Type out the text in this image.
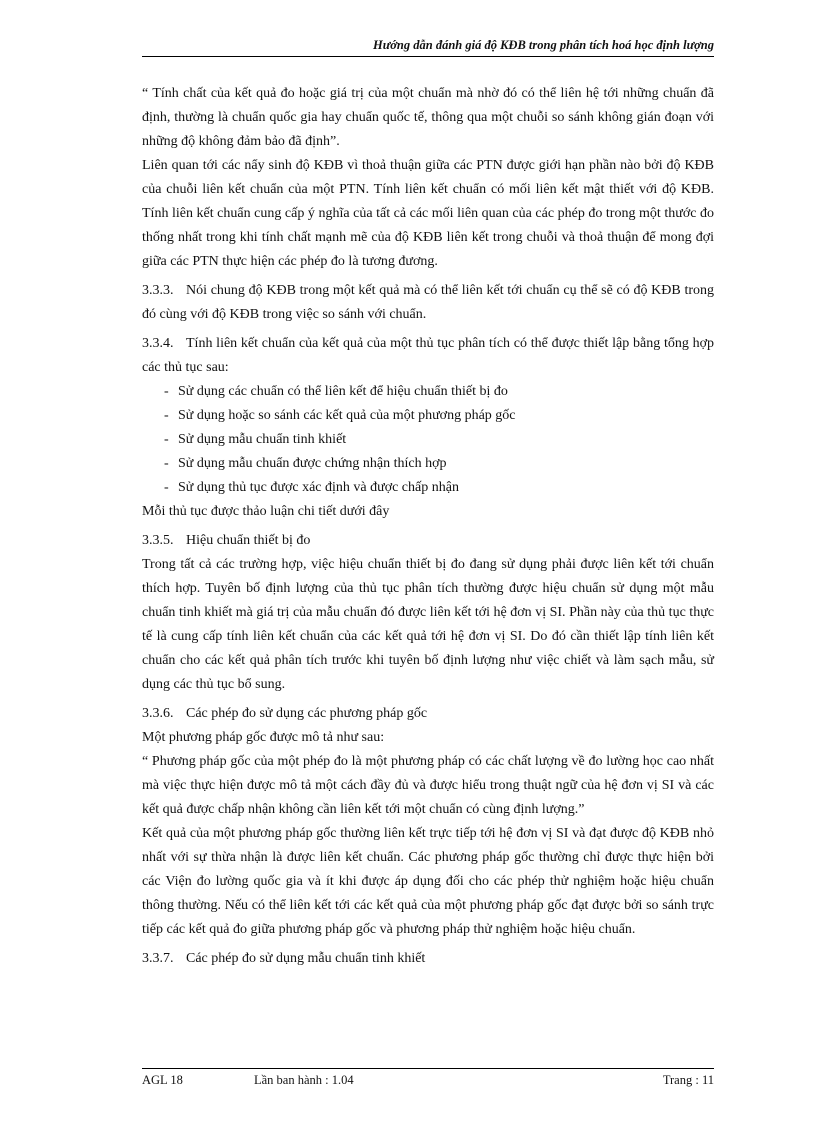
Hướng dẫn đánh giá độ KĐB trong phân tích hoá học định lượng

“ Tính chất của kết quả đo hoặc giá trị của một chuẩn mà nhờ đó có thể liên hệ tới những chuẩn đã định, thường là chuẩn quốc gia hay chuẩn quốc tế, thông qua một chuỗi so sánh không gián đoạn với những độ không đảm bảo đã định”.

Liên quan tới các nẩy sinh độ KĐB vì thoả thuận giữa các PTN được giới hạn phần nào bởi độ KĐB của chuỗi liên kết chuẩn của một PTN. Tính liên kết chuẩn có mối liên kết mật thiết với độ KĐB. Tính liên kết chuẩn cung cấp ý nghĩa của tất cả các mối liên quan của các phép đo trong một thước đo thống nhất trong khi tính chất mạnh mẽ của độ KĐB liên kết trong chuỗi và thoả thuận để mong đợi giữa các PTN thực hiện các phép đo là tương đương.

3.3.3. Nói chung độ KĐB trong một kết quả mà có thể liên kết tới chuẩn cụ thể sẽ có độ KĐB trong đó cùng với độ KĐB trong việc so sánh với chuẩn.

3.3.4. Tính liên kết chuẩn của kết quả của một thủ tục phân tích có thể được thiết lập bằng tổng hợp các thủ tục sau:

- Sử dụng các chuẩn có thể liên kết để hiệu chuẩn thiết bị đo
- Sử dụng hoặc so sánh các kết quả của một phương pháp gốc
- Sử dụng mẫu chuẩn tinh khiết
- Sử dụng mẫu chuẩn được chứng nhận thích hợp
- Sử dụng thủ tục được xác định và được chấp nhận

Mỗi thủ tục được thảo luận chi tiết dưới đây

3.3.5. Hiệu chuẩn thiết bị đo

Trong tất cả các trường hợp, việc hiệu chuẩn thiết bị đo đang sử dụng phải được liên kết tới chuẩn thích hợp. Tuyên bố định lượng của thủ tục phân tích thường được hiệu chuẩn sử dụng một mẫu chuẩn tinh khiết mà giá trị của mẫu chuẩn đó được liên kết tới hệ đơn vị SI. Phần này của thủ tục thực tế là cung cấp tính liên kết chuẩn của các kết quả tới hệ đơn vị SI. Do đó cần thiết lập tính liên kết chuẩn cho các kết quả phân tích trước khi tuyên bố định lượng như việc chiết và làm sạch mẫu, sử dụng các thủ tục bổ sung.

3.3.6. Các phép đo sử dụng các phương pháp gốc

Một phương pháp gốc được mô tả như sau:

“ Phương pháp gốc của một phép đo là một phương pháp có các chất lượng về đo lường học cao nhất mà việc thực hiện được mô tả một cách đầy đủ và được hiểu trong thuật ngữ của hệ đơn vị SI và các kết quả được chấp nhận không cần liên kết tới một chuẩn có cùng định lượng.”

Kết quả của một phương pháp gốc thường liên kết trực tiếp tới hệ đơn vị SI và đạt được độ KĐB nhỏ nhất với sự thừa nhận là được liên kết chuẩn. Các phương pháp gốc thường chỉ được thực hiện bởi các Viện đo lường quốc gia và ít khi được áp dụng đối cho các phép thử nghiệm hoặc hiệu chuẩn thông thường. Nếu có thể liên kết tới các kết quả của một phương pháp gốc đạt được bởi so sánh trực tiếp các kết quả đo giữa phương pháp gốc và phương pháp thử nghiệm hoặc hiệu chuẩn.

3.3.7. Các phép đo sử dụng mẫu chuẩn tinh khiết

AGL 18	Lần ban hành : 1.04	Trang : 11
